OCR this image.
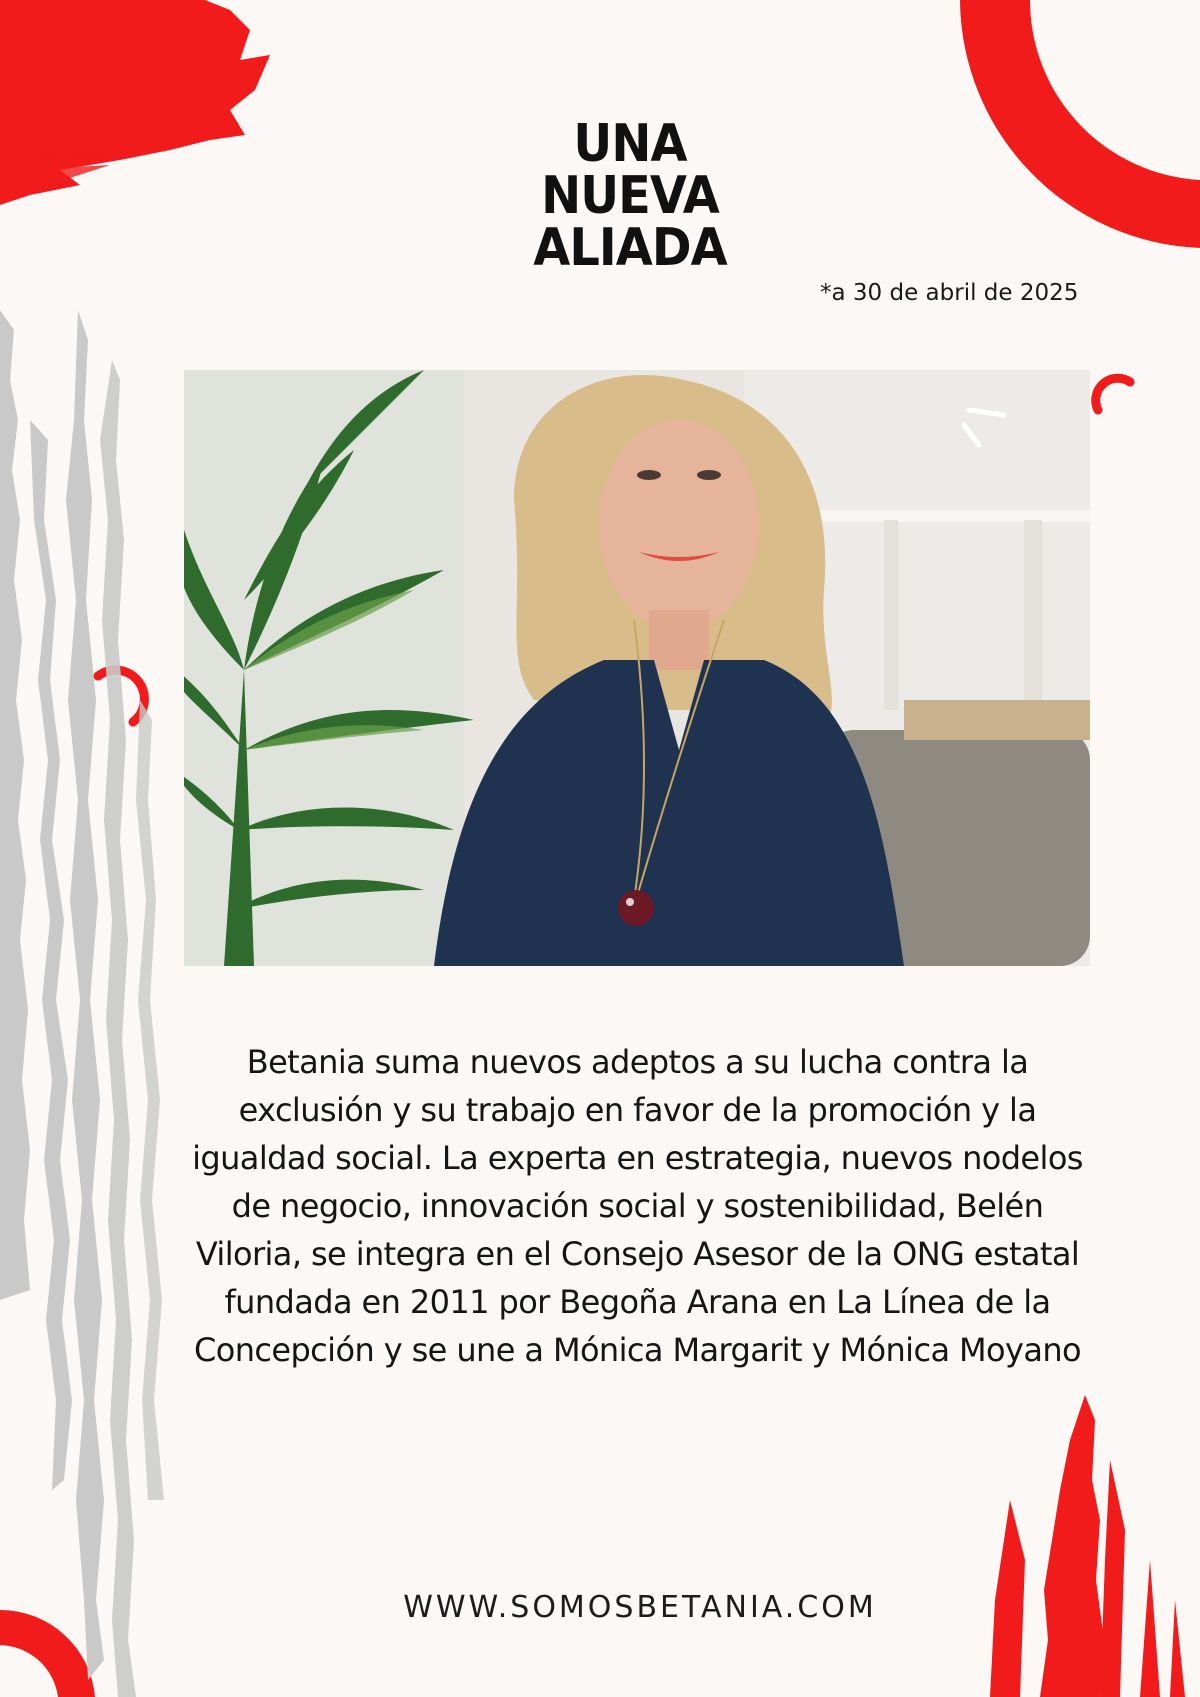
UNA
NUEVA
ALIADA
*a 30 de abril de 2025
Betania suma nuevos adeptos a su lucha contra la exclusión y su trabajo en favor de la promoción y la igualdad social. La experta en estrategia, nuevos nodelos de negocio, innovación social y sostenibilidad, Belén Viloria, se integra en el Consejo Asesor de la ONG estatal fundada en 2011 por Begoña Arana en La Línea de la Concepción y se une a Mónica Margarit y Mónica Moyano
WWW.SOMOSBETANIA.COM
